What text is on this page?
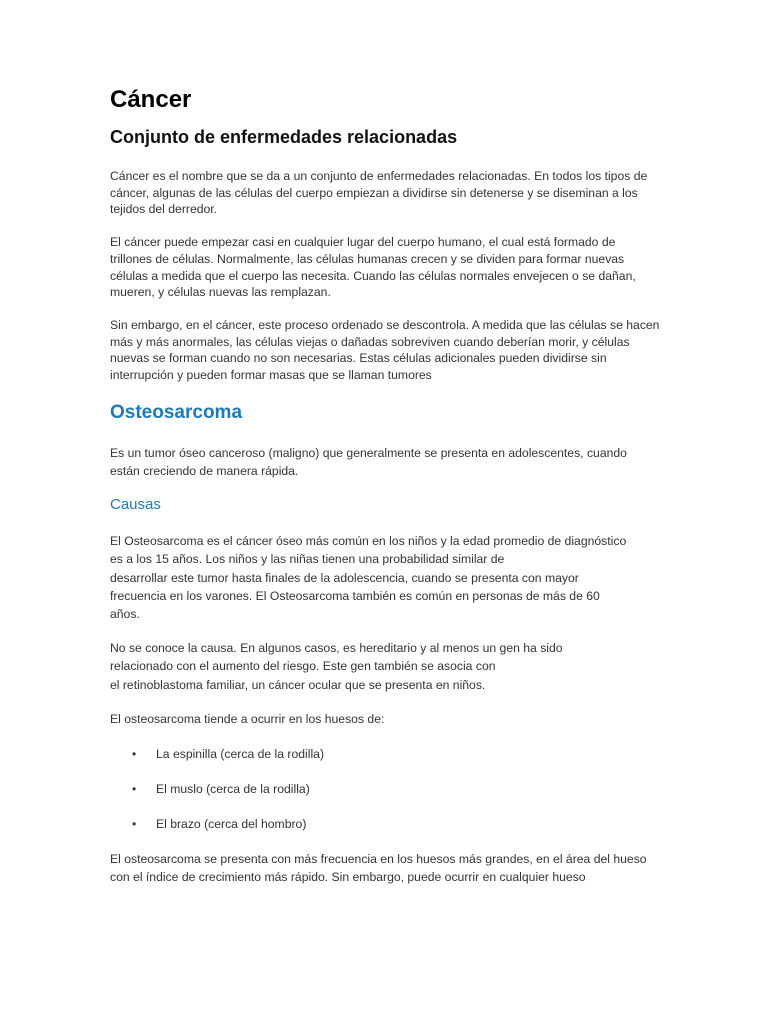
Cáncer
Conjunto de enfermedades relacionadas

Cáncer es el nombre que se da a un conjunto de enfermedades relacionadas. En todos los tipos de cáncer, algunas de las células del cuerpo empiezan a dividirse sin detenerse y se diseminan a los tejidos del derredor.

El cáncer puede empezar casi en cualquier lugar del cuerpo humano, el cual está formado de trillones de células. Normalmente, las células humanas crecen y se dividen para formar nuevas células a medida que el cuerpo las necesita. Cuando las células normales envejecen o se dañan, mueren, y células nuevas las remplazan.

Sin embargo, en el cáncer, este proceso ordenado se descontrola. A medida que las células se hacen más y más anormales, las células viejas o dañadas sobreviven cuando deberían morir, y células nuevas se forman cuando no son necesarias. Estas células adicionales pueden dividirse sin interrupción y pueden formar masas que se llaman tumores

Osteosarcoma

Es un tumor óseo canceroso (maligno) que generalmente se presenta en adolescentes, cuando están creciendo de manera rápida.

Causas

El Osteosarcoma es el cáncer óseo más común en los niños y la edad promedio de diagnóstico
es a los 15 años. Los niños y las niñas tienen una probabilidad similar de
desarrollar este tumor hasta finales de la adolescencia, cuando se presenta con mayor
frecuencia en los varones. El Osteosarcoma también es común en personas de más de 60
años.

No se conoce la causa. En algunos casos, es hereditario y al menos un gen ha sido
relacionado con el aumento del riesgo. Este gen también se asocia con
el retinoblastoma familiar, un cáncer ocular que se presenta en niños.

El osteosarcoma tiende a ocurrir en los huesos de:

• La espinilla (cerca de la rodilla)
• El muslo (cerca de la rodilla)
• El brazo (cerca del hombro)

El osteosarcoma se presenta con más frecuencia en los huesos más grandes, en el área del hueso con el índice de crecimiento más rápido. Sin embargo, puede ocurrir en cualquier hueso
